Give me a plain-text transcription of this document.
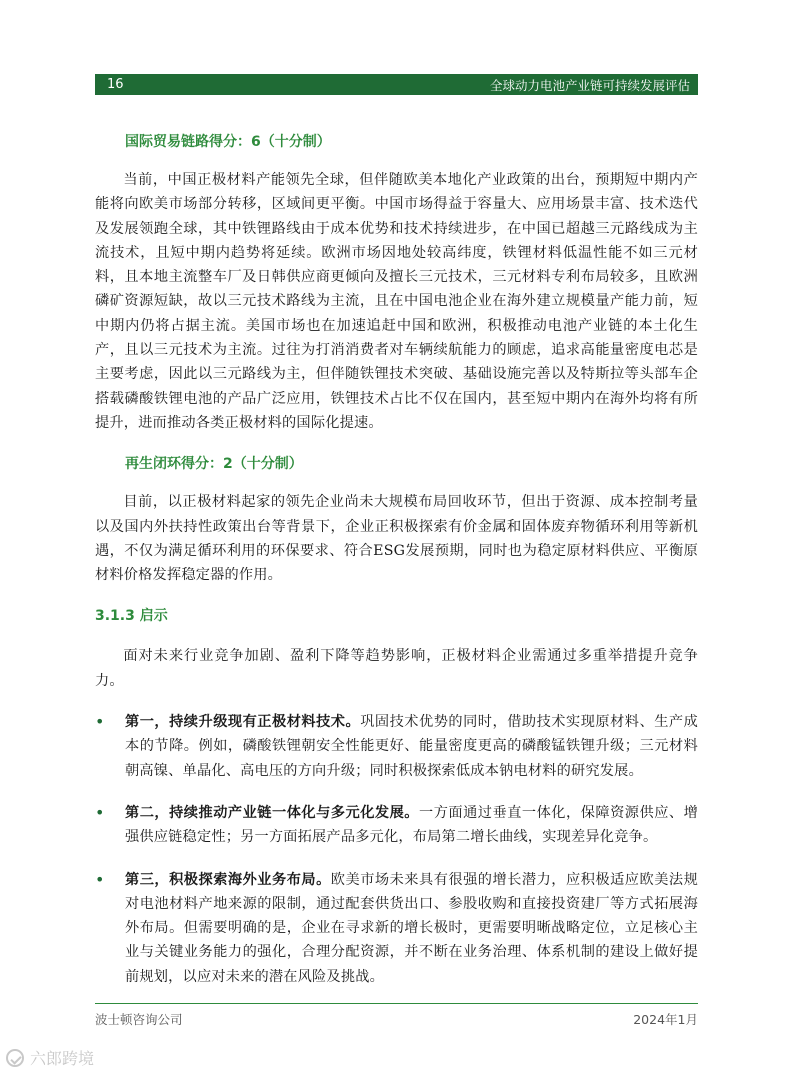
16	全球动力电池产业链可持续发展评估
国际贸易链路得分：6（十分制）

当前，中国正极材料产能领先全球，但伴随欧美本地化产业政策的出台，预期短中期内产能将向欧美市场部分转移，区域间更平衡。中国市场得益于容量大、应用场景丰富、技术迭代及发展领跑全球，其中铁锂路线由于成本优势和技术持续进步，在中国已超越三元路线成为主流技术，且短中期内趋势将延续。欧洲市场因地处较高纬度，铁锂材料低温性能不如三元材料，且本地主流整车厂及日韩供应商更倾向及擅长三元技术，三元材料专利布局较多，且欧洲磷矿资源短缺，故以三元技术路线为主流，且在中国电池企业在海外建立规模量产能力前，短中期内仍将占据主流。美国市场也在加速追赶中国和欧洲，积极推动电池产业链的本土化生产，且以三元技术为主流。过往为打消消费者对车辆续航能力的顾虑，追求高能量密度电芯是主要考虑，因此以三元路线为主，但伴随铁锂技术突破、基础设施完善以及特斯拉等头部车企搭载磷酸铁锂电池的产品广泛应用，铁锂技术占比不仅在国内，甚至短中期内在海外均将有所提升，进而推动各类正极材料的国际化提速。

再生闭环得分：2（十分制）

目前，以正极材料起家的领先企业尚未大规模布局回收环节，但出于资源、成本控制考量以及国内外扶持性政策出台等背景下，企业正积极探索有价金属和固体废弃物循环利用等新机遇，不仅为满足循环利用的环保要求、符合ESG发展预期，同时也为稳定原材料供应、平衡原材料价格发挥稳定器的作用。

3.1.3 启示

面对未来行业竞争加剧、盈利下降等趋势影响，正极材料企业需通过多重举措提升竞争力。

• 第一，持续升级现有正极材料技术。巩固技术优势的同时，借助技术实现原材料、生产成本的节降。例如，磷酸铁锂朝安全性能更好、能量密度更高的磷酸锰铁锂升级；三元材料朝高镍、单晶化、高电压的方向升级；同时积极探索低成本钠电材料的研究发展。
• 第二，持续推动产业链一体化与多元化发展。一方面通过垂直一体化，保障资源供应、增强供应链稳定性；另一方面拓展产品多元化，布局第二增长曲线，实现差异化竞争。
• 第三，积极探索海外业务布局。欧美市场未来具有很强的增长潜力，应积极适应欧美法规对电池材料产地来源的限制，通过配套供货出口、参股收购和直接投资建厂等方式拓展海外布局。但需要明确的是，企业在寻求新的增长极时，更需要明晰战略定位，立足核心主业与关键业务能力的强化，合理分配资源，并不断在业务治理、体系机制的建设上做好提前规划，以应对未来的潜在风险及挑战。
波士顿咨询公司	2024年1月
六郎跨境
